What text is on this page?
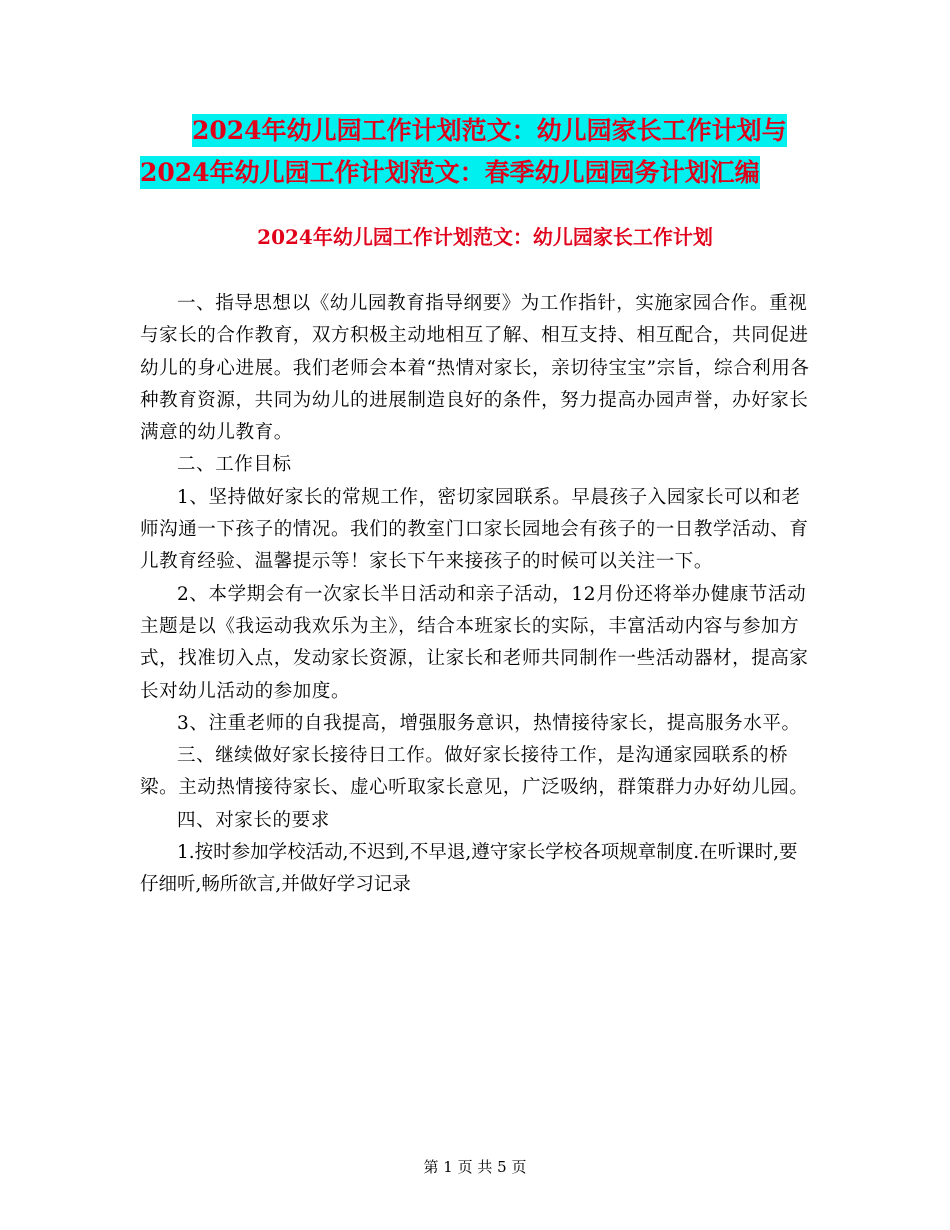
2024年幼儿园工作计划范文：幼儿园家长工作计划与
2024年幼儿园工作计划范文：春季幼儿园园务计划汇编
2024年幼儿园工作计划范文：幼儿园家长工作计划

一、指导思想以《幼儿园教育指导纲要》为工作指针，实施家园合作。重视与家长的合作教育，双方积极主动地相互了解、相互支持、相互配合，共同促进幼儿的身心进展。我们老师会本着“热情对家长，亲切待宝宝”宗旨，综合利用各种教育资源，共同为幼儿的进展制造良好的条件，努力提高办园声誉，办好家长满意的幼儿教育。

二、工作目标

1、坚持做好家长的常规工作，密切家园联系。早晨孩子入园家长可以和老师沟通一下孩子的情况。我们的教室门口家长园地会有孩子的一日教学活动、育儿教育经验、温馨提示等！家长下午来接孩子的时候可以关注一下。

2、本学期会有一次家长半日活动和亲子活动，12月份还将举办健康节活动主题是以《我运动我欢乐为主》，结合本班家长的实际，丰富活动内容与参加方式，找准切入点，发动家长资源，让家长和老师共同制作一些活动器材，提高家长对幼儿活动的参加度。

3、注重老师的自我提高，增强服务意识，热情接待家长，提高服务水平。

三、继续做好家长接待日工作。做好家长接待工作，是沟通家园联系的桥梁。主动热情接待家长、虚心听取家长意见，广泛吸纳，群策群力办好幼儿园。

四、对家长的要求

1.按时参加学校活动,不迟到,不早退,遵守家长学校各项规章制度.在听课时,要仔细听,畅所欲言,并做好学习记录

第 1 页 共 5 页
